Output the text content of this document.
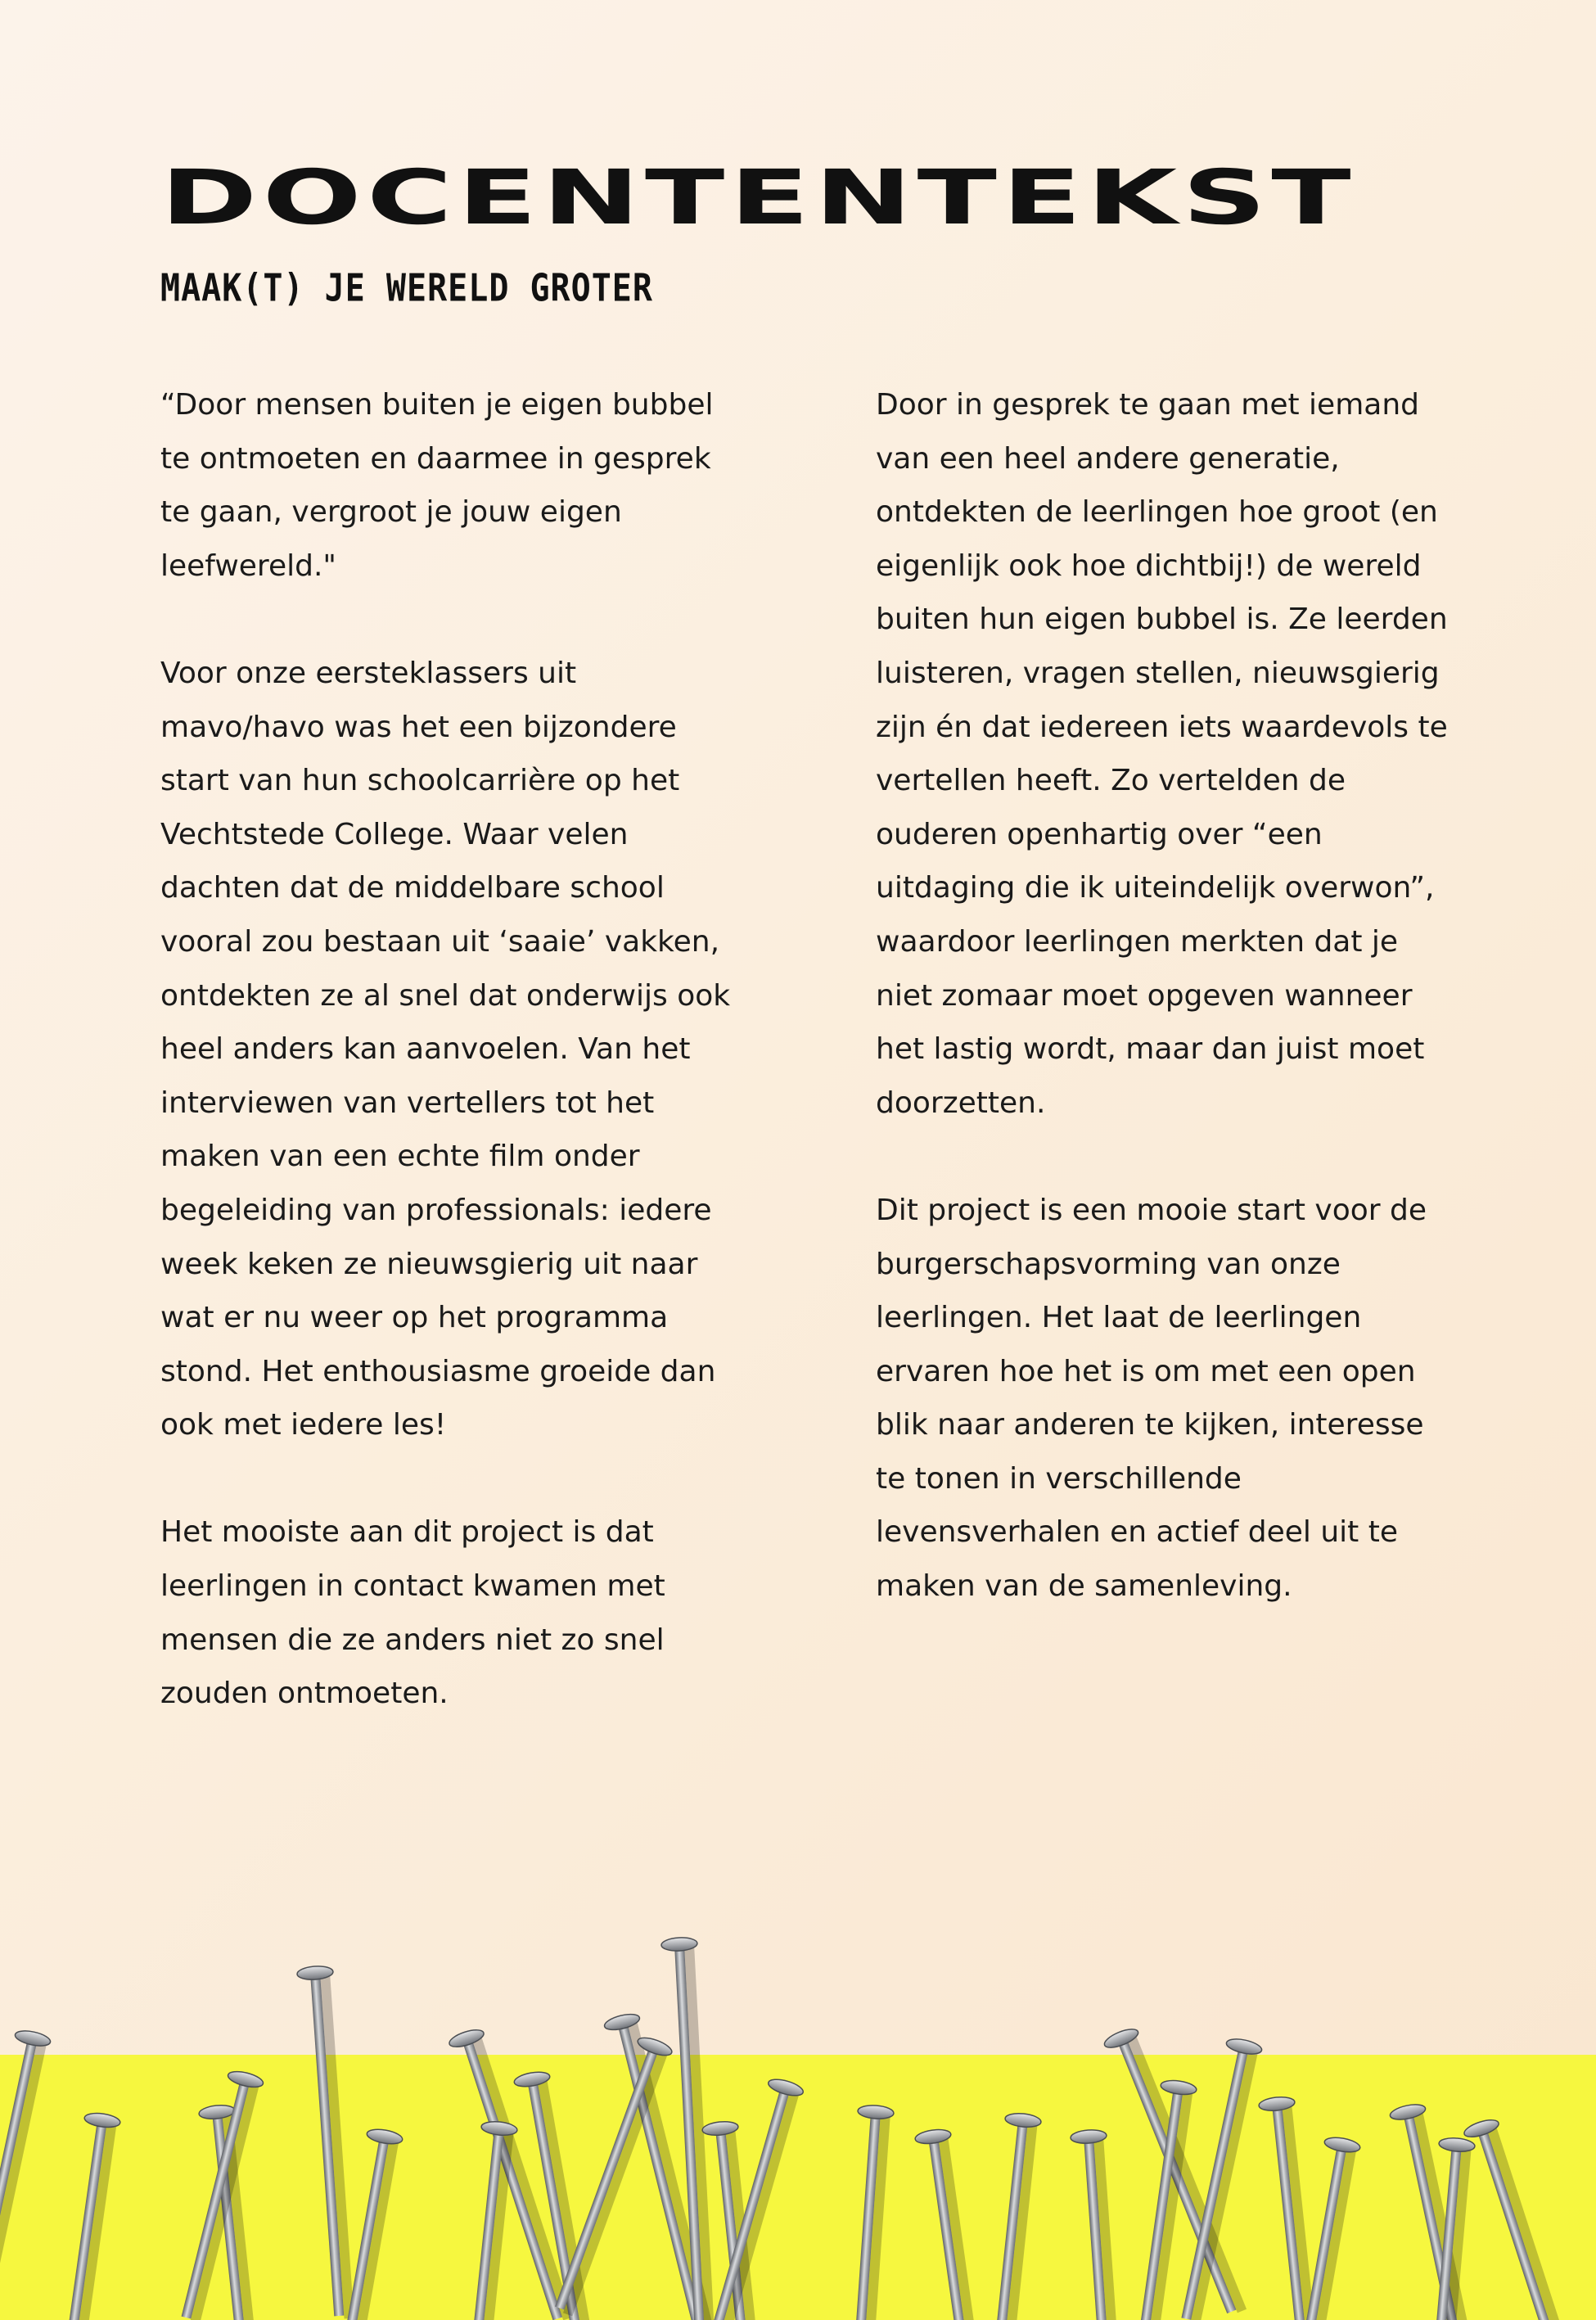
DOCENTENTEKST
MAAK(T) JE WERELD GROTER

“Door mensen buiten je eigen bubbel te ontmoeten en daarmee in gesprek te gaan, vergroot je jouw eigen leefwereld."

Voor onze eersteklassers uit mavo/havo was het een bijzondere start van hun schoolcarrière op het Vechtstede College. Waar velen dachten dat de middelbare school vooral zou bestaan uit ‘saaie’ vakken, ontdekten ze al snel dat onderwijs ook heel anders kan aanvoelen. Van het interviewen van vertellers tot het maken van een echte film onder begeleiding van professionals: iedere week keken ze nieuwsgierig uit naar wat er nu weer op het programma stond. Het enthousiasme groeide dan ook met iedere les!

Het mooiste aan dit project is dat leerlingen in contact kwamen met mensen die ze anders niet zo snel zouden ontmoeten.

Door in gesprek te gaan met iemand van een heel andere generatie, ontdekten de leerlingen hoe groot (en eigenlijk ook hoe dichtbij!) de wereld buiten hun eigen bubbel is. Ze leerden luisteren, vragen stellen, nieuwsgierig zijn én dat iedereen iets waardevols te vertellen heeft. Zo vertelden de ouderen openhartig over “een uitdaging die ik uiteindelijk overwon”, waardoor leerlingen merkten dat je niet zomaar moet opgeven wanneer het lastig wordt, maar dan juist moet doorzetten.

Dit project is een mooie start voor de burgerschapsvorming van onze leerlingen. Het laat de leerlingen ervaren hoe het is om met een open blik naar anderen te kijken, interesse te tonen in verschillende levensverhalen en actief deel uit te maken van de samenleving.
